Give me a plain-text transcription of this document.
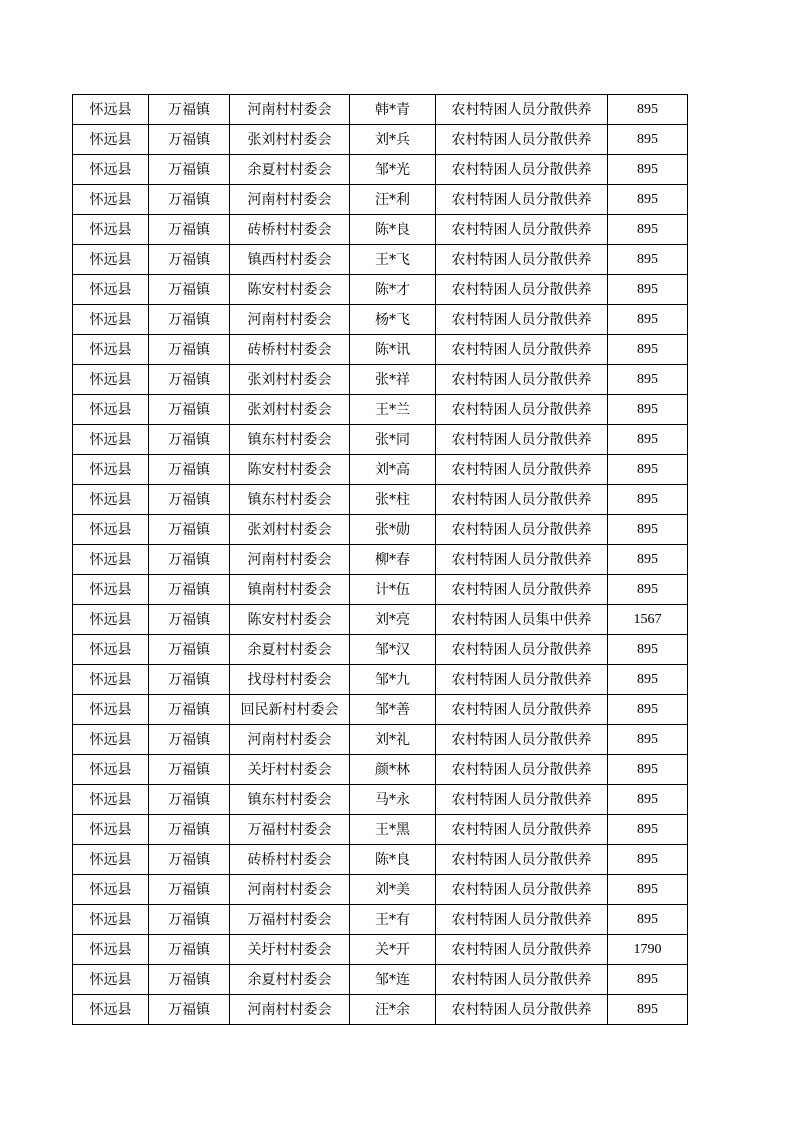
怀远县	万福镇	河南村村委会	韩*青	农村特困人员分散供养	895
怀远县	万福镇	张刘村村委会	刘*兵	农村特困人员分散供养	895
怀远县	万福镇	余夏村村委会	邹*光	农村特困人员分散供养	895
怀远县	万福镇	河南村村委会	汪*利	农村特困人员分散供养	895
怀远县	万福镇	砖桥村村委会	陈*良	农村特困人员分散供养	895
怀远县	万福镇	镇西村村委会	王*飞	农村特困人员分散供养	895
怀远县	万福镇	陈安村村委会	陈*才	农村特困人员分散供养	895
怀远县	万福镇	河南村村委会	杨*飞	农村特困人员分散供养	895
怀远县	万福镇	砖桥村村委会	陈*讯	农村特困人员分散供养	895
怀远县	万福镇	张刘村村委会	张*祥	农村特困人员分散供养	895
怀远县	万福镇	张刘村村委会	王*兰	农村特困人员分散供养	895
怀远县	万福镇	镇东村村委会	张*同	农村特困人员分散供养	895
怀远县	万福镇	陈安村村委会	刘*高	农村特困人员分散供养	895
怀远县	万福镇	镇东村村委会	张*柱	农村特困人员分散供养	895
怀远县	万福镇	张刘村村委会	张*勋	农村特困人员分散供养	895
怀远县	万福镇	河南村村委会	柳*春	农村特困人员分散供养	895
怀远县	万福镇	镇南村村委会	计*伍	农村特困人员分散供养	895
怀远县	万福镇	陈安村村委会	刘*亮	农村特困人员集中供养	1567
怀远县	万福镇	余夏村村委会	邹*汉	农村特困人员分散供养	895
怀远县	万福镇	找母村村委会	邹*九	农村特困人员分散供养	895
怀远县	万福镇	回民新村村委会	邹*善	农村特困人员分散供养	895
怀远县	万福镇	河南村村委会	刘*礼	农村特困人员分散供养	895
怀远县	万福镇	关圩村村委会	颜*林	农村特困人员分散供养	895
怀远县	万福镇	镇东村村委会	马*永	农村特困人员分散供养	895
怀远县	万福镇	万福村村委会	王*黑	农村特困人员分散供养	895
怀远县	万福镇	砖桥村村委会	陈*良	农村特困人员分散供养	895
怀远县	万福镇	河南村村委会	刘*美	农村特困人员分散供养	895
怀远县	万福镇	万福村村委会	王*有	农村特困人员分散供养	895
怀远县	万福镇	关圩村村委会	关*开	农村特困人员分散供养	1790
怀远县	万福镇	余夏村村委会	邹*连	农村特困人员分散供养	895
怀远县	万福镇	河南村村委会	汪*余	农村特困人员分散供养	895
